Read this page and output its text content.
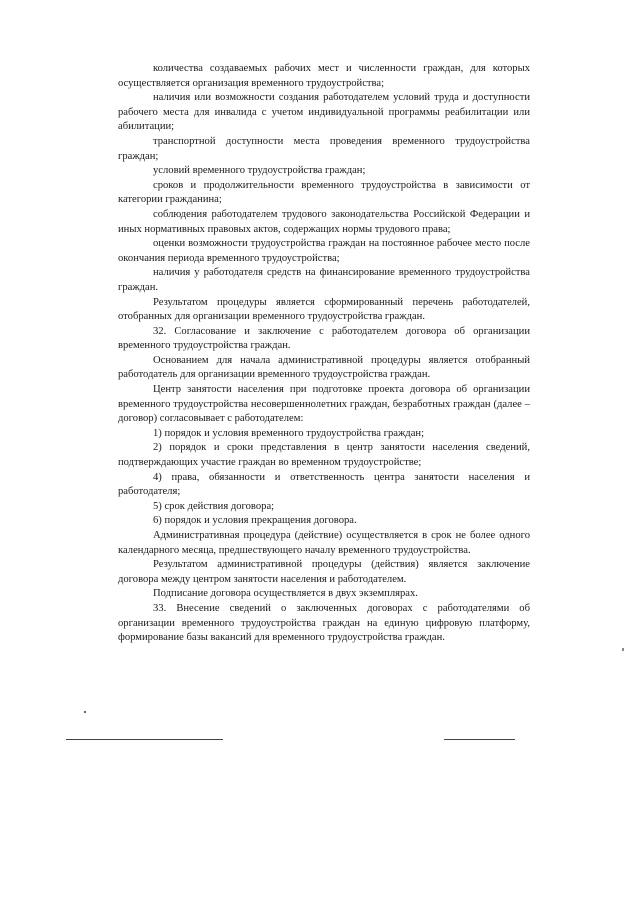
количества создаваемых рабочих мест и численности граждан, для которых осуществляется организация временного трудоустройства;

наличия или возможности создания работодателем условий труда и доступности рабочего места для инвалида с учетом индивидуальной программы реабилитации или абилитации;

транспортной доступности места проведения временного трудоустройства граждан;

условий временного трудоустройства граждан;

сроков и продолжительности временного трудоустройства в зависимости от категории гражданина;

соблюдения работодателем трудового законодательства Российской Федерации и иных нормативных правовых актов, содержащих нормы трудового права;

оценки возможности трудоустройства граждан на постоянное рабочее место после окончания периода временного трудоустройства;

наличия у работодателя средств на финансирование временного трудоустройства граждан.

Результатом процедуры является сформированный перечень работодателей, отобранных для организации временного трудоустройства граждан.

32. Согласование и заключение с работодателем договора об организации временного трудоустройства граждан.

Основанием для начала административной процедуры является отобранный работодатель для организации временного трудоустройства граждан.

Центр занятости населения при подготовке проекта договора об организации временного трудоустройства несовершеннолетних граждан, безработных граждан (далее – договор) согласовывает с работодателем:

1) порядок и условия временного трудоустройства граждан;

2) порядок и сроки представления в центр занятости населения сведений, подтверждающих участие граждан во временном трудоустройстве;

4) права, обязанности и ответственность центра занятости населения и работодателя;

5) срок действия договора;

6) порядок и условия прекращения договора.

Административная процедура (действие) осуществляется в срок не более одного календарного месяца, предшествующего началу временного трудоустройства.

Результатом административной процедуры (действия) является заключение договора между центром занятости населения и работодателем.

Подписание договора осуществляется в двух экземплярах.

33. Внесение сведений о заключенных договорах с работодателями об организации временного трудоустройства граждан на единую цифровую платформу, формирование базы вакансий для временного трудоустройства граждан.
